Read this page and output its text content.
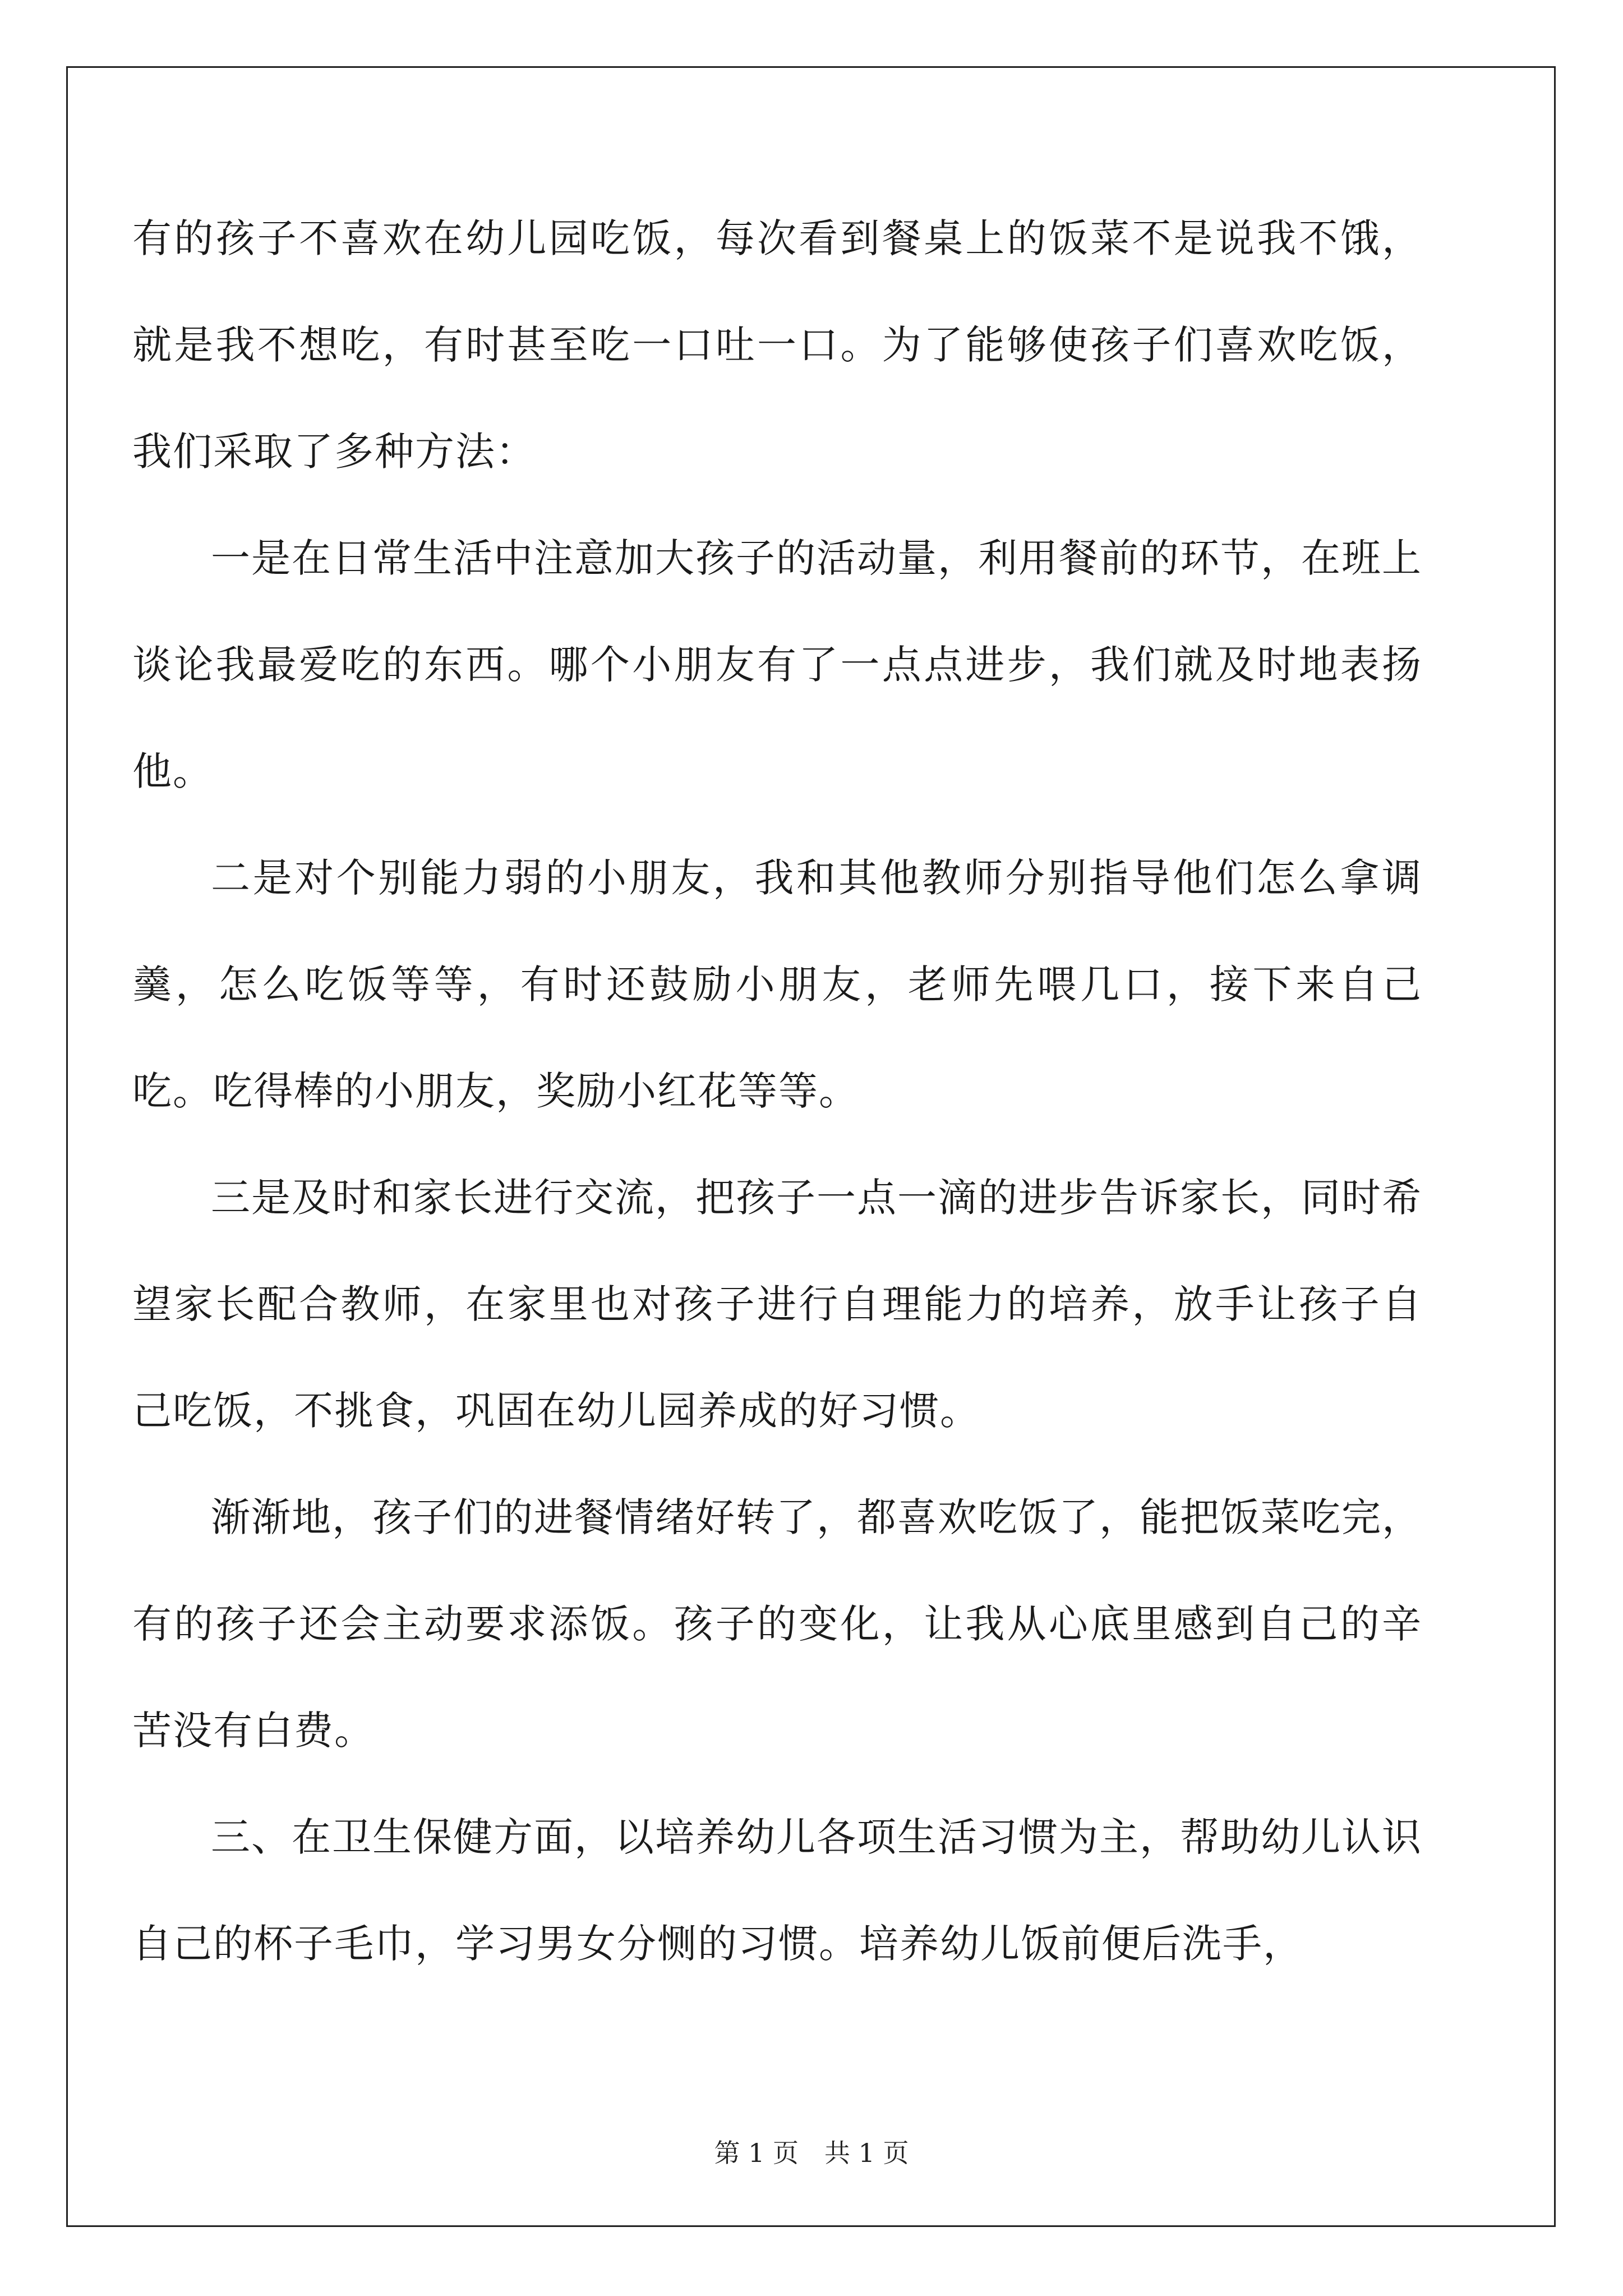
有的孩子不喜欢在幼儿园吃饭，每次看到餐桌上的饭菜不是说我不饿，就是我不想吃，有时甚至吃一口吐一口。为了能够使孩子们喜欢吃饭，我们采取了多种方法：

一是在日常生活中注意加大孩子的活动量，利用餐前的环节，在班上谈论我最爱吃的东西。哪个小朋友有了一点点进步，我们就及时地表扬他。

二是对个别能力弱的小朋友，我和其他教师分别指导他们怎么拿调羹，怎么吃饭等等，有时还鼓励小朋友，老师先喂几口，接下来自己吃。吃得棒的小朋友，奖励小红花等等。

三是及时和家长进行交流，把孩子一点一滴的进步告诉家长，同时希望家长配合教师，在家里也对孩子进行自理能力的培养，放手让孩子自己吃饭，不挑食，巩固在幼儿园养成的好习惯。

渐渐地，孩子们的进餐情绪好转了，都喜欢吃饭了，能把饭菜吃完，有的孩子还会主动要求添饭。孩子的变化，让我从心底里感到自己的辛苦没有白费。

三、在卫生保健方面，以培养幼儿各项生活习惯为主，帮助幼儿认识自己的杯子毛巾，学习男女分恻的习惯。培养幼儿饭前便后洗手，

第 1 页 共 1 页
